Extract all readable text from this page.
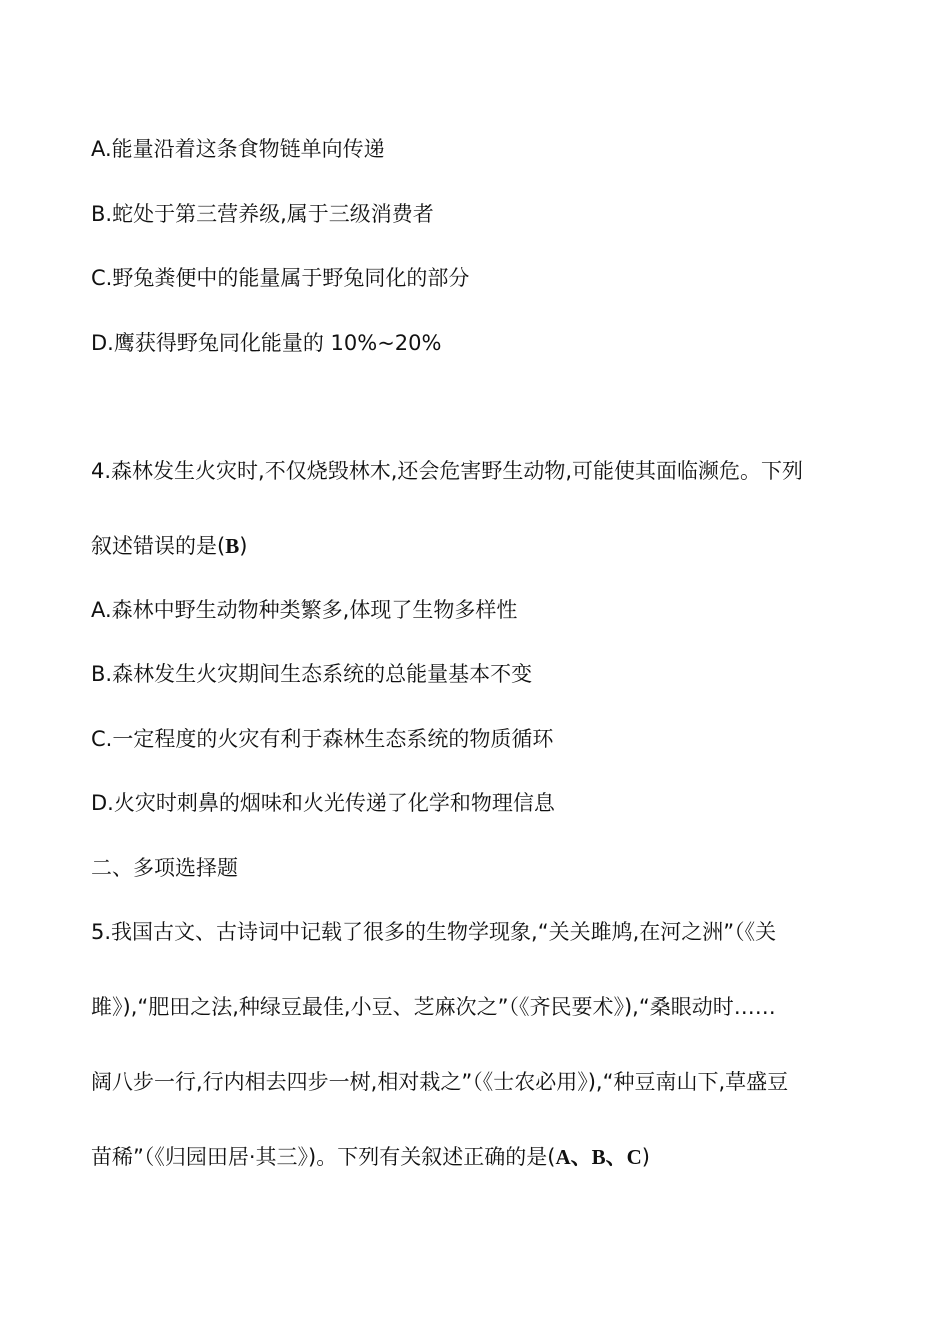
A.能量沿着这条食物链单向传递
B.蛇处于第三营养级,属于三级消费者
C.野兔粪便中的能量属于野兔同化的部分
D.鹰获得野兔同化能量的 10%~20%
4.森林发生火灾时,不仅烧毁林木,还会危害野生动物,可能使其面临濒危。下列
叙述错误的是(B)
A.森林中野生动物种类繁多,体现了生物多样性
B.森林发生火灾期间生态系统的总能量基本不变
C.一定程度的火灾有利于森林生态系统的物质循环
D.火灾时刺鼻的烟味和火光传递了化学和物理信息
二、多项选择题
5.我国古文、古诗词中记载了很多的生物学现象,“关关雎鸠,在河之洲”（《关
雎》),“肥田之法,种绿豆最佳,小豆、芝麻次之”（《齐民要术》),“桑眼动时……
阔八步一行,行内相去四步一树,相对栽之”（《士农必用》),“种豆南山下,草盛豆
苗稀”（《归园田居·其三》)。下列有关叙述正确的是(A、B、C)
